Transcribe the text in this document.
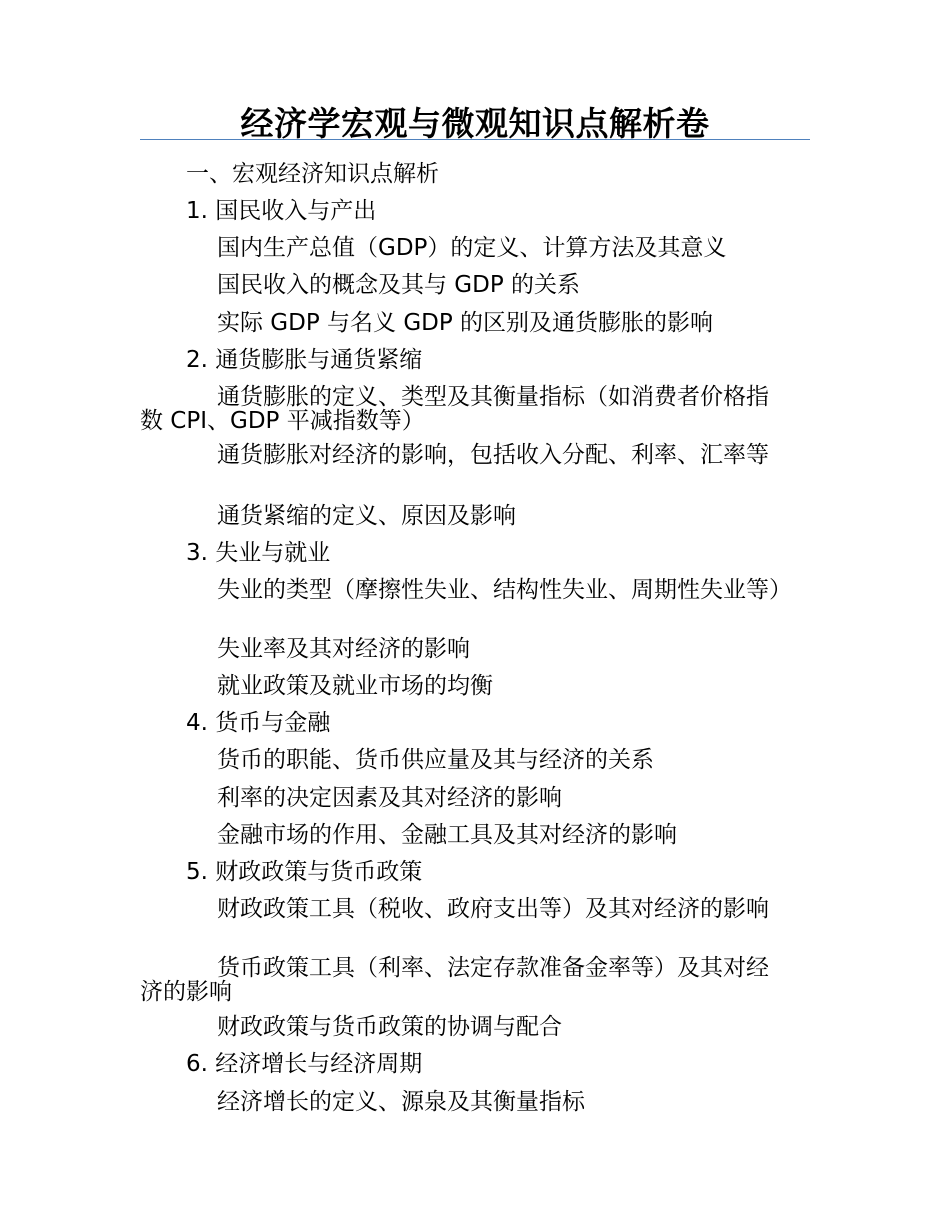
经济学宏观与微观知识点解析卷
一、宏观经济知识点解析
1. 国民收入与产出
国内生产总值（GDP）的定义、计算方法及其意义
国民收入的概念及其与 GDP 的关系
实际 GDP 与名义 GDP 的区别及通货膨胀的影响
2. 通货膨胀与通货紧缩
通货膨胀的定义、类型及其衡量指标（如消费者价格指数 CPI、GDP 平减指数等）
通货膨胀对经济的影响，包括收入分配、利率、汇率等
通货紧缩的定义、原因及影响
3. 失业与就业
失业的类型（摩擦性失业、结构性失业、周期性失业等）
失业率及其对经济的影响
就业政策及就业市场的均衡
4. 货币与金融
货币的职能、货币供应量及其与经济的关系
利率的决定因素及其对经济的影响
金融市场的作用、金融工具及其对经济的影响
5. 财政政策与货币政策
财政政策工具（税收、政府支出等）及其对经济的影响
货币政策工具（利率、法定存款准备金率等）及其对经济的影响
财政政策与货币政策的协调与配合
6. 经济增长与经济周期
经济增长的定义、源泉及其衡量指标
